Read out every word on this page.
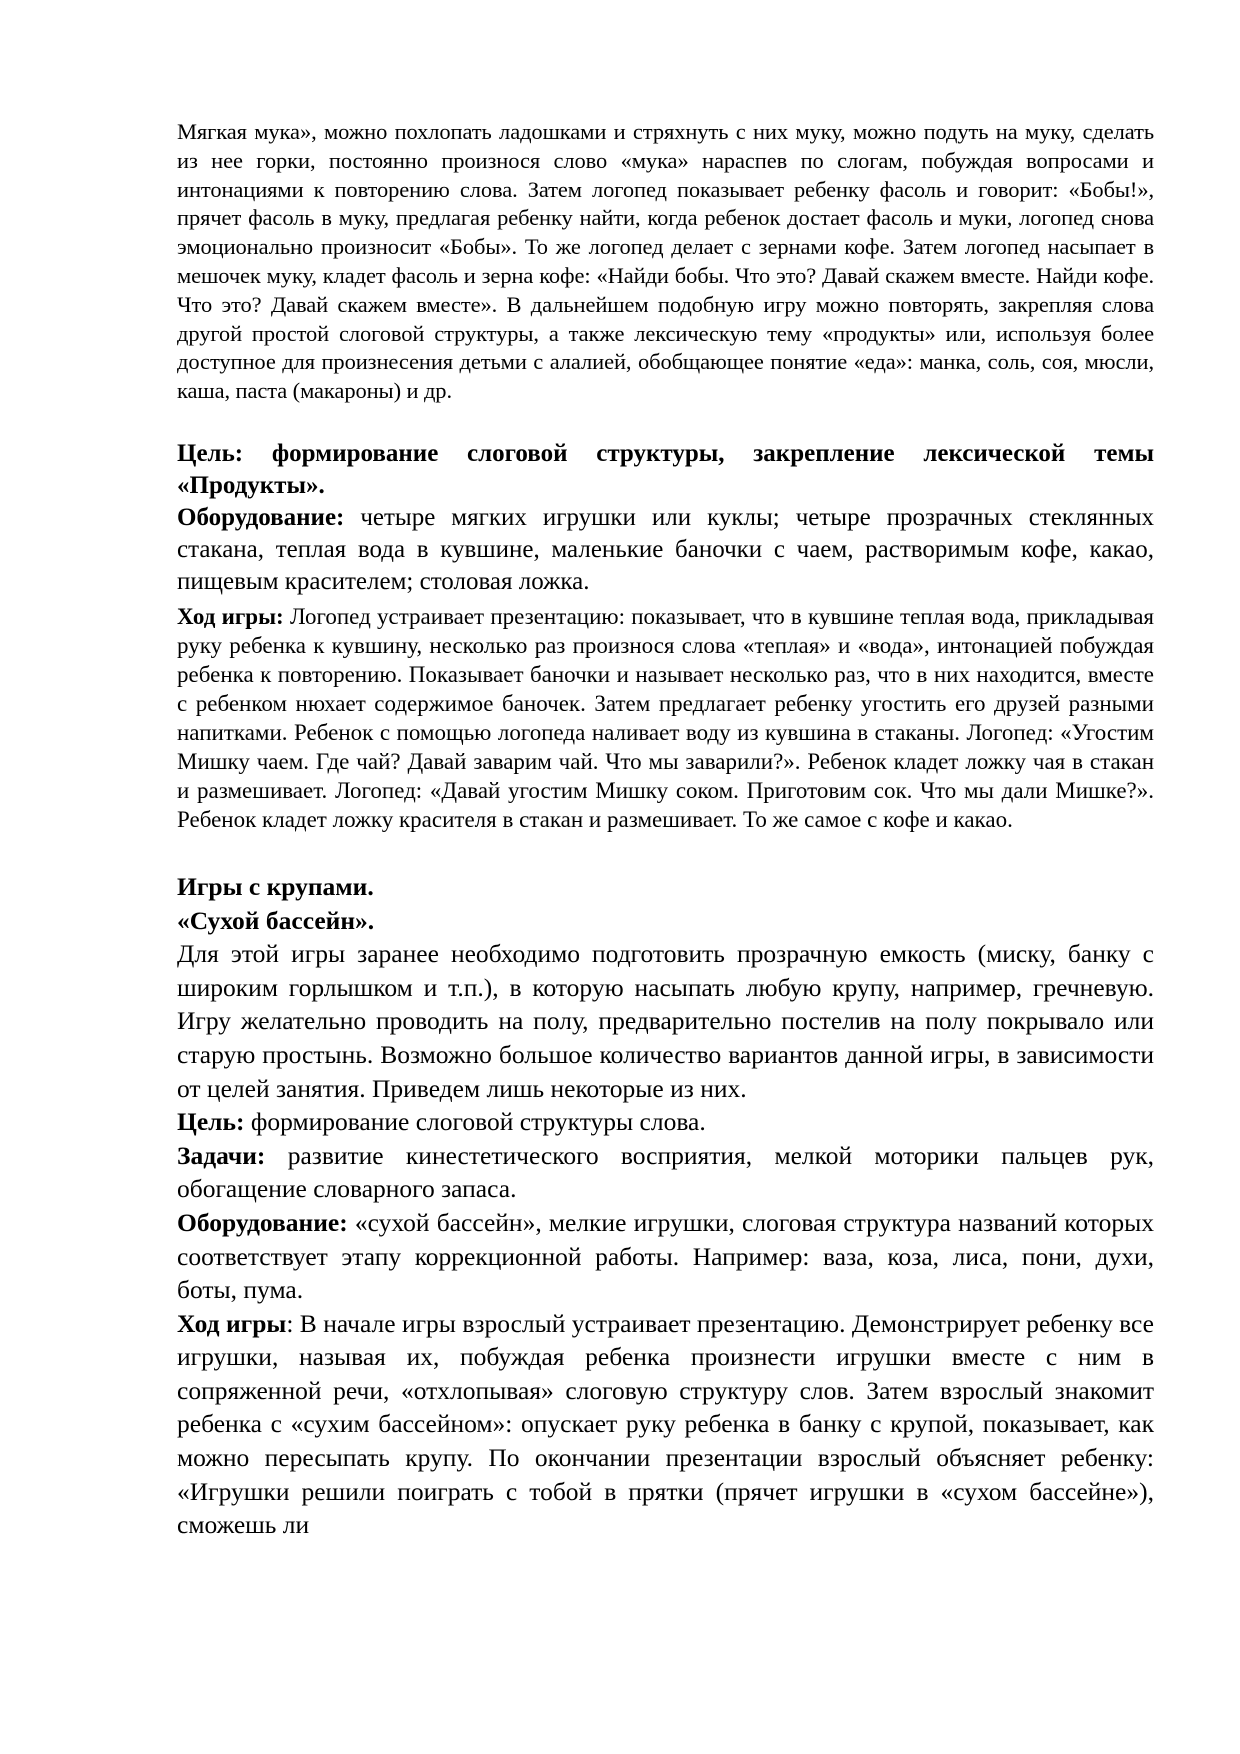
Мягкая мука», можно похлопать ладошками и стряхнуть с них муку, можно подуть на муку, сделать из нее горки, постоянно произнося слово «мука» нараспев по слогам, побуждая вопросами и интонациями к повторению слова. Затем логопед показывает ребенку фасоль и говорит: «Бобы!», прячет фасоль в муку, предлагая ребенку найти, когда ребенок достает фасоль и муки, логопед снова эмоционально произносит «Бобы». То же логопед делает с зернами кофе. Затем логопед насыпает в мешочек муку, кладет фасоль и зерна кофе: «Найди бобы. Что это? Давай скажем вместе. Найди кофе. Что это? Давай скажем вместе». В дальнейшем подобную игру можно повторять, закрепляя слова другой простой слоговой структуры, а также лексическую тему «продукты» или, используя более доступное для произнесения детьми с алалией, обобщающее понятие «еда»: манка, соль, соя, мюсли, каша, паста (макароны) и др.

Цель: формирование слоговой структуры, закрепление лексической темы «Продукты».

Оборудование: четыре мягких игрушки или куклы; четыре прозрачных стеклянных стакана, теплая вода в кувшине, маленькие баночки с чаем, растворимым кофе, какао, пищевым красителем; столовая ложка.

Ход игры: Логопед устраивает презентацию: показывает, что в кувшине теплая вода, прикладывая руку ребенка к кувшину, несколько раз произнося слова «теплая» и «вода», интонацией побуждая ребенка к повторению. Показывает баночки и называет несколько раз, что в них находится, вместе с ребенком нюхает содержимое баночек. Затем предлагает ребенку угостить его друзей разными напитками. Ребенок с помощью логопеда наливает воду из кувшина в стаканы. Логопед: «Угостим Мишку чаем. Где чай? Давай заварим чай. Что мы заварили?». Ребенок кладет ложку чая в стакан и размешивает. Логопед: «Давай угостим Мишку соком. Приготовим сок. Что мы дали Мишке?». Ребенок кладет ложку красителя в стакан и размешивает. То же самое с кофе и какао.

Игры с крупами.

«Сухой бассейн».

Для этой игры заранее необходимо подготовить прозрачную емкость (миску, банку с широким горлышком и т.п.), в которую насыпать любую крупу, например, гречневую. Игру желательно проводить на полу, предварительно постелив на полу покрывало или старую простынь. Возможно большое количество вариантов данной игры, в зависимости от целей занятия. Приведем лишь некоторые из них.

Цель: формирование слоговой структуры слова.

Задачи: развитие кинестетического восприятия, мелкой моторики пальцев рук, обогащение словарного запаса.

Оборудование: «сухой бассейн», мелкие игрушки, слоговая структура названий которых соответствует этапу коррекционной работы. Например: ваза, коза, лиса, пони, духи, боты, пума.

Ход игры: В начале игры взрослый устраивает презентацию. Демонстрирует ребенку все игрушки, называя их, побуждая ребенка произнести игрушки вместе с ним в сопряженной речи, «отхлопывая» слоговую структуру слов. Затем взрослый знакомит ребенка с «сухим бассейном»: опускает руку ребенка в банку с крупой, показывает, как можно пересыпать крупу. По окончании презентации взрослый объясняет ребенку: «Игрушки решили поиграть с тобой в прятки (прячет игрушки в «сухом бассейне»), сможешь ли
